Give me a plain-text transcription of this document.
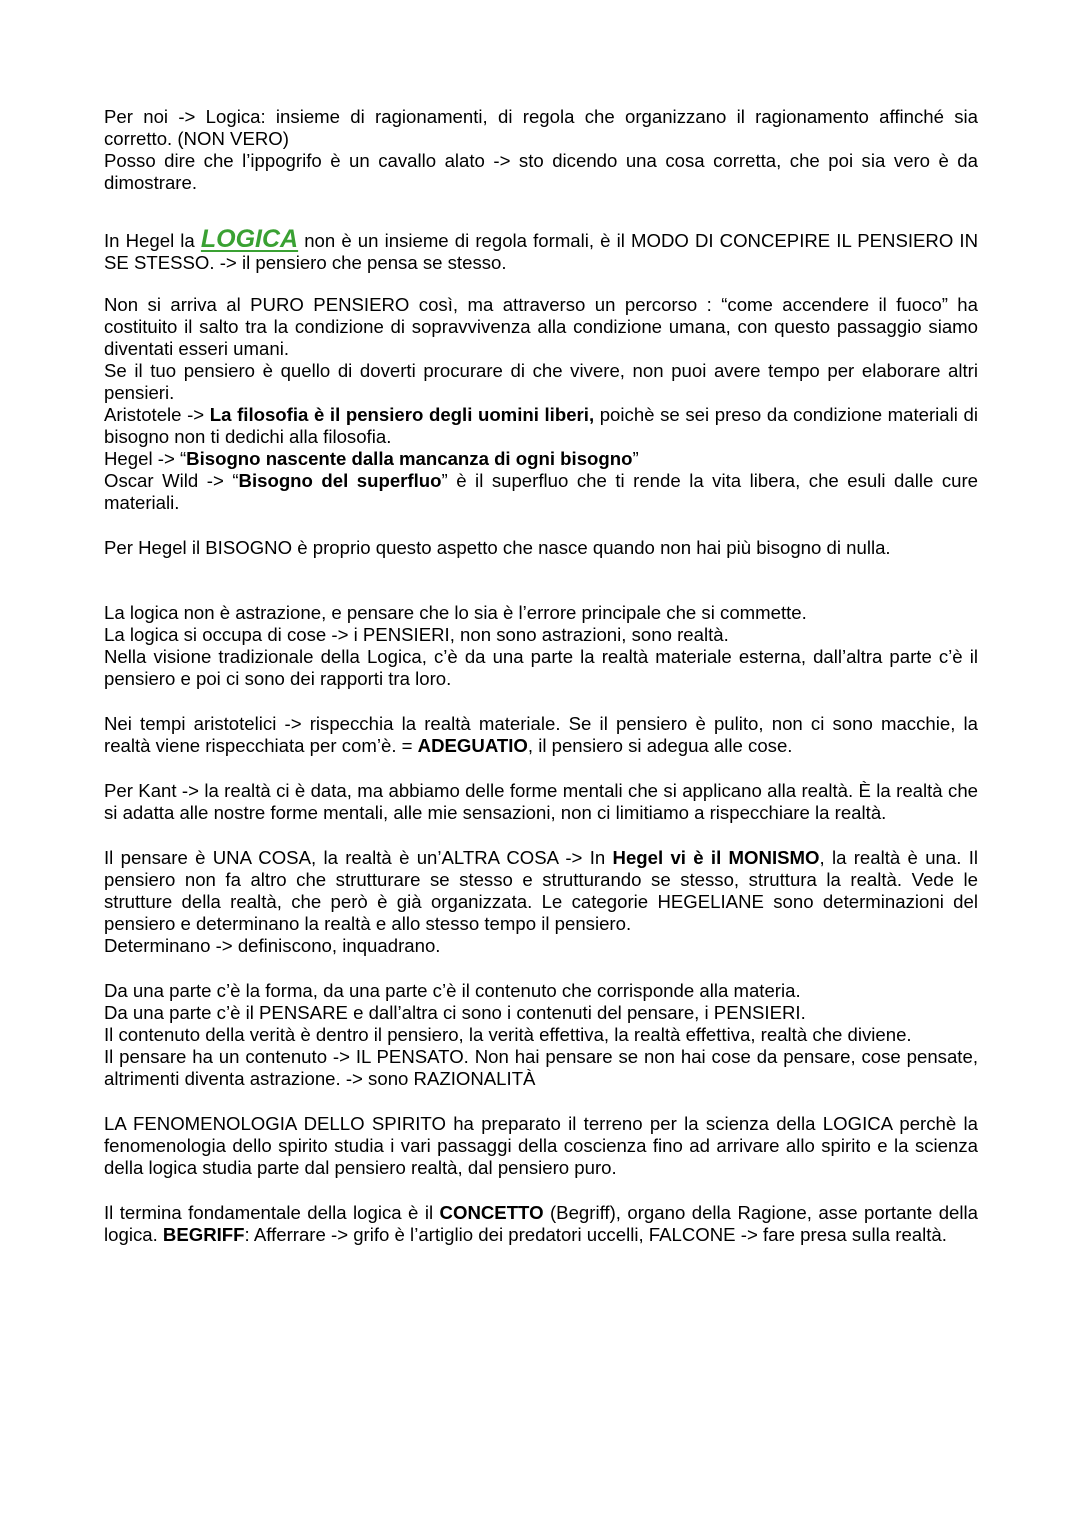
Per noi -> Logica: insieme di ragionamenti, di regola che organizzano il ragionamento affinché sia corretto. (NON VERO)
Posso dire che l’ippogrifo è un cavallo alato -> sto dicendo una cosa corretta, che poi sia vero è da dimostrare.

In Hegel la LOGICA non è un insieme di regola formali, è il MODO DI CONCEPIRE IL PENSIERO IN SE STESSO. -> il pensiero che pensa se stesso.

Non si arriva al PURO PENSIERO così, ma attraverso un percorso : “come accendere il fuoco” ha costituito il salto tra la condizione di sopravvivenza alla condizione umana, con questo passaggio siamo diventati esseri umani.
Se il tuo pensiero è quello di doverti procurare di che vivere, non puoi avere tempo per elaborare altri pensieri.
Aristotele -> La filosofia è il pensiero degli uomini liberi, poichè se sei preso da condizione materiali di bisogno non ti dedichi alla filosofia.
Hegel -> “Bisogno nascente dalla mancanza di ogni bisogno”
Oscar Wild -> “Bisogno del superfluo” è il superfluo che ti rende la vita libera, che esuli dalle cure materiali.

Per Hegel il BISOGNO è proprio questo aspetto che nasce quando non hai più bisogno di nulla.

La logica non è astrazione, e pensare che lo sia è l’errore principale che si commette.
La logica si occupa di cose -> i PENSIERI, non sono astrazioni, sono realtà.
Nella visione tradizionale della Logica, c’è da una parte la realtà materiale esterna, dall’altra parte c’è il pensiero e poi ci sono dei rapporti tra loro.

Nei tempi aristotelici -> rispecchia la realtà materiale. Se il pensiero è pulito, non ci sono macchie, la realtà viene rispecchiata per com’è. = ADEGUATIO, il pensiero si adegua alle cose.

Per Kant -> la realtà ci è data, ma abbiamo delle forme mentali che si applicano alla realtà. È la realtà che si adatta alle nostre forme mentali, alle mie sensazioni, non ci limitiamo a rispecchiare la realtà.

Il pensare è UNA COSA, la realtà è un’ALTRA COSA -> In Hegel vi è il MONISMO, la realtà è una. Il pensiero non fa altro che strutturare se stesso e strutturando se stesso, struttura la realtà. Vede le strutture della realtà, che però è già organizzata. Le categorie HEGELIANE sono determinazioni del pensiero e determinano la realtà e allo stesso tempo il pensiero.
Determinano -> definiscono, inquadrano.

Da una parte c’è la forma, da una parte c’è il contenuto che corrisponde alla materia.
Da una parte c’è il PENSARE e dall’altra ci sono i contenuti del pensare, i PENSIERI.
Il contenuto della verità è dentro il pensiero, la verità effettiva, la realtà effettiva, realtà che diviene.
Il pensare ha un contenuto -> IL PENSATO. Non hai pensare se non hai cose da pensare, cose pensate, altrimenti diventa astrazione. -> sono RAZIONALITÀ

LA FENOMENOLOGIA DELLO SPIRITO ha preparato il terreno per la scienza della LOGICA perchè la fenomenologia dello spirito studia i vari passaggi della coscienza fino ad arrivare allo spirito e la scienza della logica studia parte dal pensiero realtà, dal pensiero puro.

Il termina fondamentale della logica è il CONCETTO (Begriff), organo della Ragione, asse portante della logica. BEGRIFF: Afferrare -> grifo è l’artiglio dei predatori uccelli, FALCONE -> fare presa sulla realtà.
